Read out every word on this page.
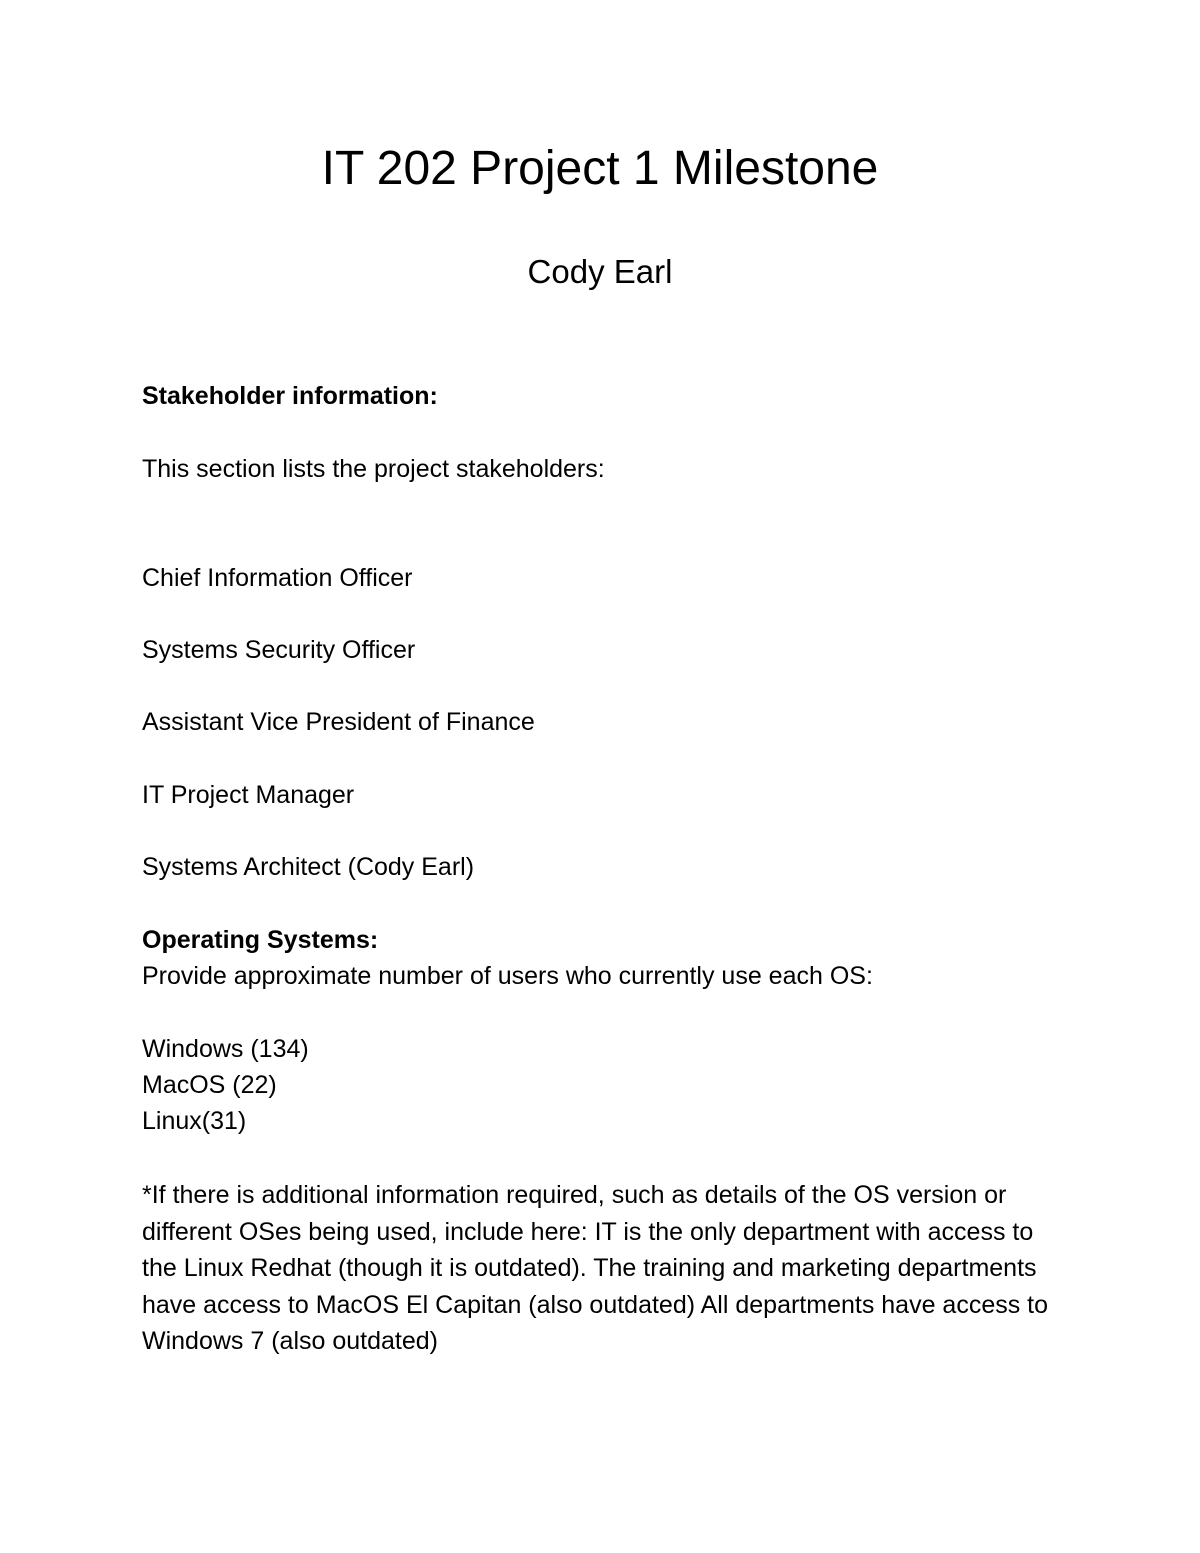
IT 202 Project 1 Milestone
Cody Earl
Stakeholder information:
This section lists the project stakeholders:
Chief Information Officer
Systems Security Officer
Assistant Vice President of Finance
IT Project Manager
Systems Architect (Cody Earl)
Operating Systems:
Provide approximate number of users who currently use each OS:
Windows (134)
MacOS (22)
Linux(31)
*If there is additional information required, such as details of the OS version or different OSes being used, include here: IT is the only department with access to the Linux Redhat (though it is outdated). The training and marketing departments have access to MacOS El Capitan (also outdated) All departments have access to Windows 7 (also outdated)
